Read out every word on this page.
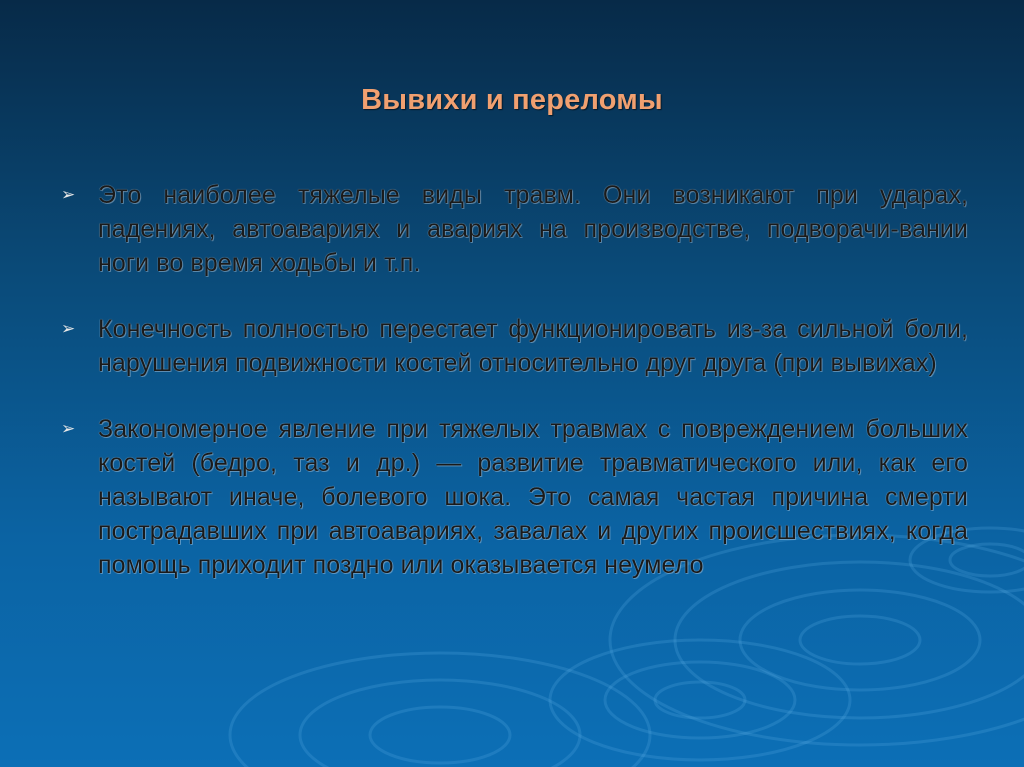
Вывихи и переломы
➢ Это наиболее тяжелые виды травм. Они возникают при ударах, падениях, автоавариях и авариях на производстве, подворачи-вании ноги во время ходьбы и т.п.
➢ Конечность полностью перестает функционировать из-за сильной боли, нарушения подвижности костей относительно друг друга (при вывихах)
➢ Закономерное явление при тяжелых травмах с повреждением больших костей (бедро, таз и др.) — развитие травматического или, как его называют иначе, болевого шока. Это самая частая причина смерти пострадавших при автоавариях, завалах и других происшествиях, когда помощь приходит поздно или оказывается неумело
